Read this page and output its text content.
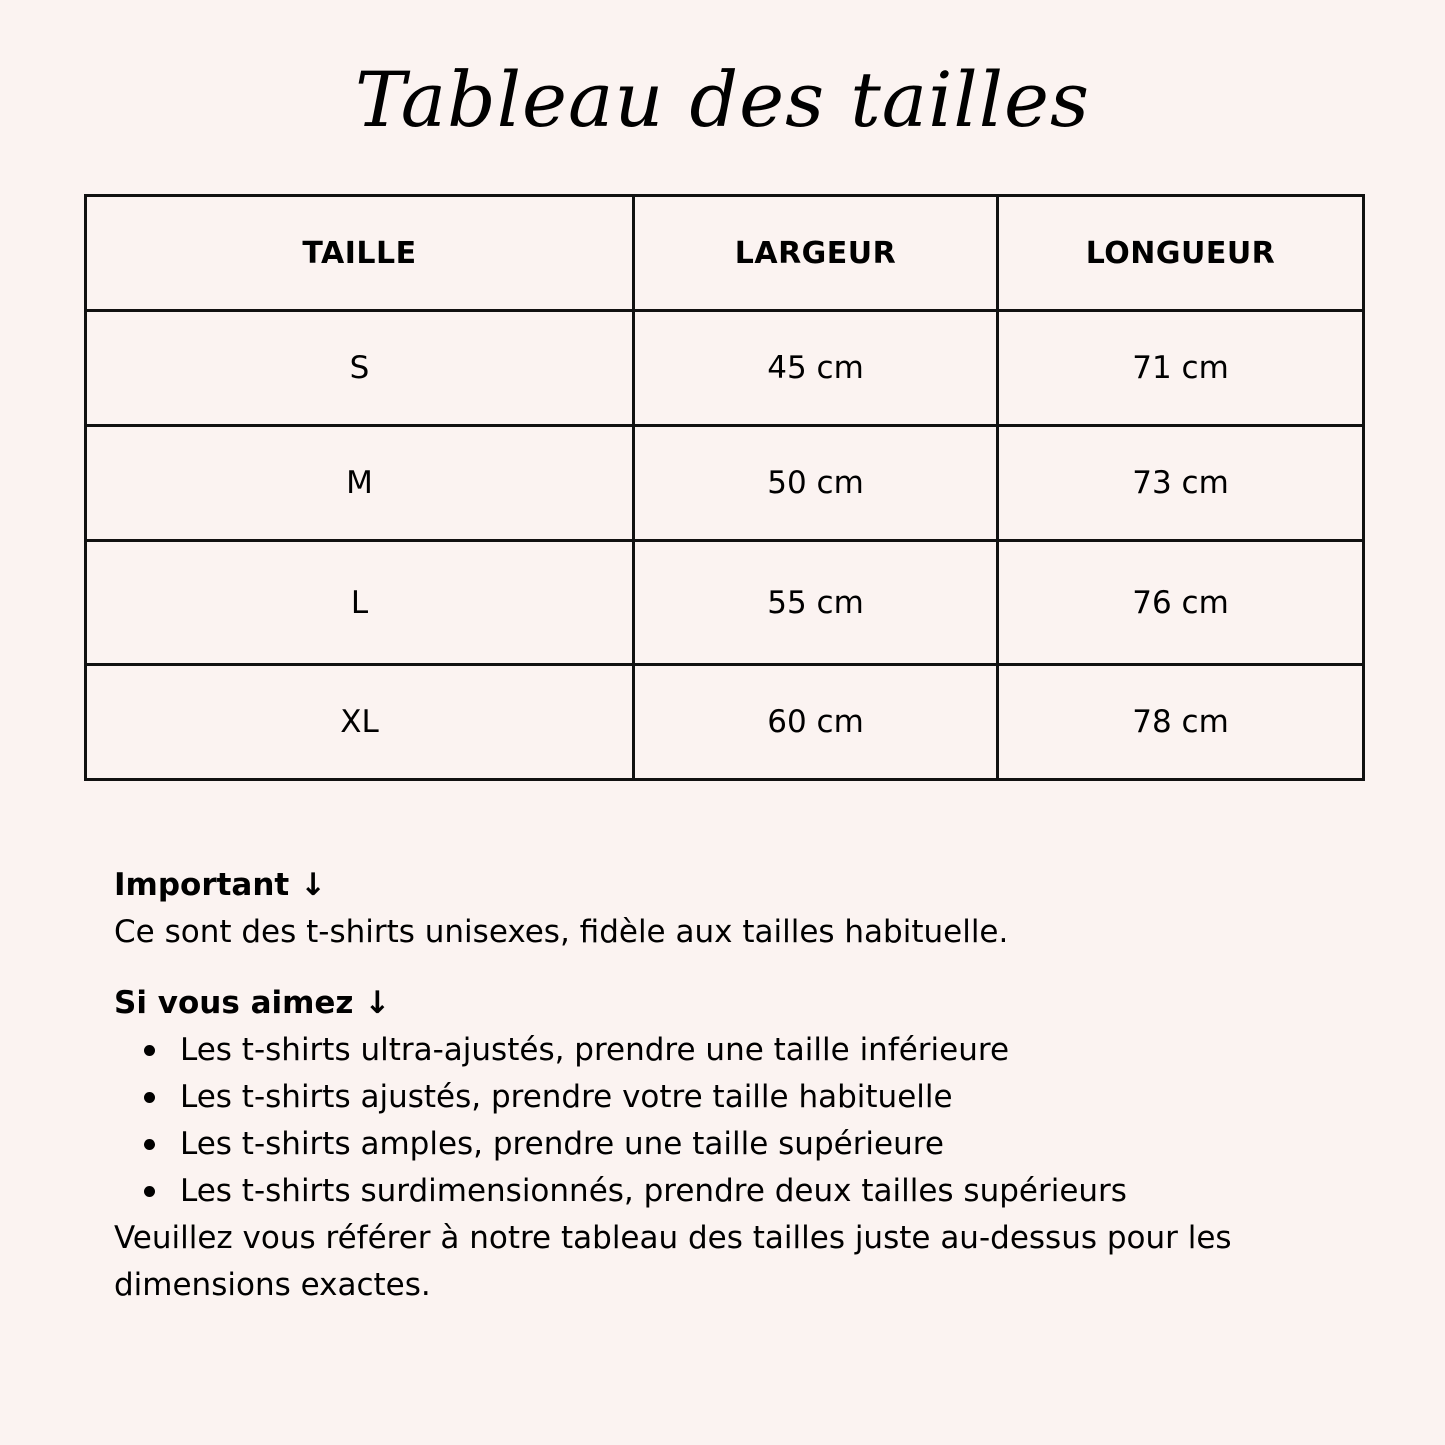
Tableau des tailles
TAILLE	LARGEUR	LONGUEUR
S	45 cm	71 cm
M	50 cm	73 cm
L	55 cm	76 cm
XL	60 cm	78 cm

Important ↓

Ce sont des t-shirts unisexes, fidèle aux tailles habituelle.

Si vous aimez ↓

Les t-shirts ultra-ajustés, prendre une taille inférieure
Les t-shirts ajustés, prendre votre taille habituelle
Les t-shirts amples, prendre une taille supérieure
Les t-shirts surdimensionnés, prendre deux tailles supérieurs

Veuillez vous référer à notre tableau des tailles juste au-dessus pour les dimensions exactes.
